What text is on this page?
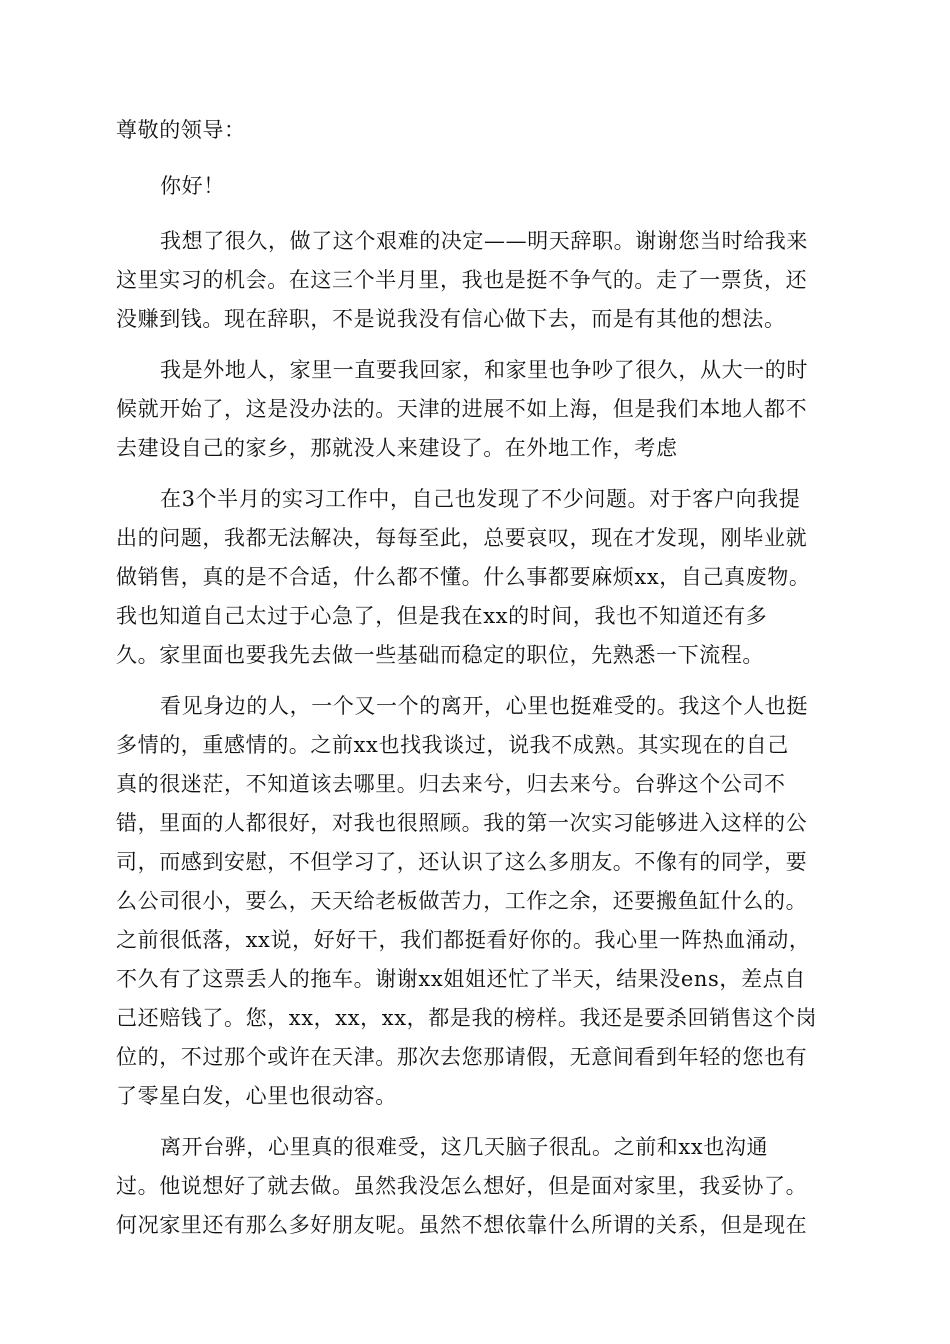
尊敬的领导：
你好！
我想了很久，做了这个艰难的决定——明天辞职。谢谢您当时给我来
这里实习的机会。在这三个半月里，我也是挺不争气的。走了一票货，还
没赚到钱。现在辞职，不是说我没有信心做下去，而是有其他的想法。
我是外地人，家里一直要我回家，和家里也争吵了很久，从大一的时
候就开始了，这是没办法的。天津的进展不如上海，但是我们本地人都不
去建设自己的家乡，那就没人来建设了。在外地工作，考虑
在3个半月的实习工作中，自己也发现了不少问题。对于客户向我提
出的问题，我都无法解决，每每至此，总要哀叹，现在才发现，刚毕业就
做销售，真的是不合适，什么都不懂。什么事都要麻烦xx，自己真废物。
我也知道自己太过于心急了，但是我在xx的时间，我也不知道还有多
久。家里面也要我先去做一些基础而稳定的职位，先熟悉一下流程。
看见身边的人，一个又一个的离开，心里也挺难受的。我这个人也挺
多情的，重感情的。之前xx也找我谈过，说我不成熟。其实现在的自己
真的很迷茫，不知道该去哪里。归去来兮，归去来兮。台骅这个公司不
错，里面的人都很好，对我也很照顾。我的第一次实习能够进入这样的公
司，而感到安慰，不但学习了，还认识了这么多朋友。不像有的同学，要
么公司很小，要么，天天给老板做苦力，工作之余，还要搬鱼缸什么的。
之前很低落，xx说，好好干，我们都挺看好你的。我心里一阵热血涌动，
不久有了这票丢人的拖车。谢谢xx姐姐还忙了半天，结果没ens，差点自
己还赔钱了。您，xx，xx，xx，都是我的榜样。我还是要杀回销售这个岗
位的，不过那个或许在天津。那次去您那请假，无意间看到年轻的您也有
了零星白发，心里也很动容。
离开台骅，心里真的很难受，这几天脑子很乱。之前和xx也沟通
过。他说想好了就去做。虽然我没怎么想好，但是面对家里，我妥协了。
何况家里还有那么多好朋友呢。虽然不想依靠什么所谓的关系，但是现在
